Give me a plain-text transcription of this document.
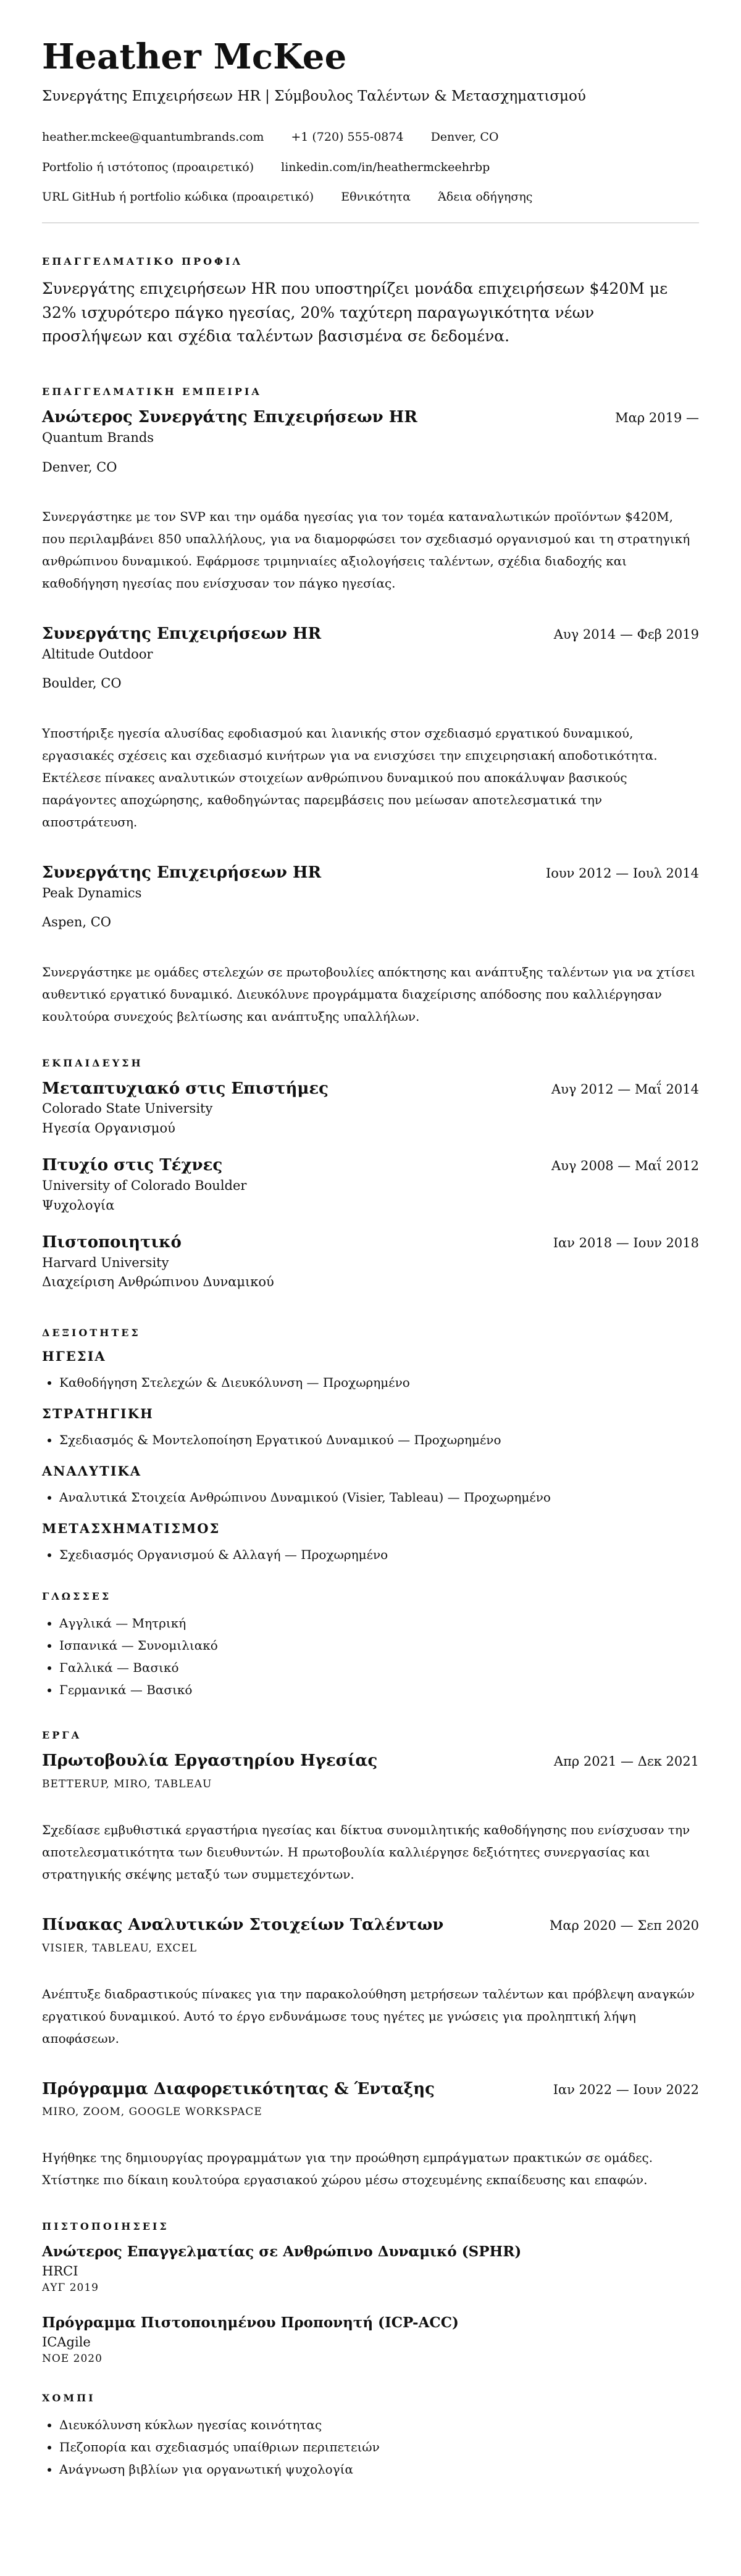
Heather McKee
Συνεργάτης Επιχειρήσεων HR | Σύμβουλος Ταλέντων & Μετασχηματισμού
heather.mckee@quantumbrands.com +1 (720) 555-0874 Denver, CO
Portfolio ή ιστότοπος (προαιρετικό) linkedin.com/in/heathermckeehrbp
URL GitHub ή portfolio κώδικα (προαιρετικό) Εθνικότητα Άδεια οδήγησης
ΕΠΑΓΓΕΛΜΑΤΙΚΟ ΠΡΟΦΙΛ
Συνεργάτης επιχειρήσεων HR που υποστηρίζει μονάδα επιχειρήσεων $420M με 32% ισχυρότερο πάγκο ηγεσίας, 20% ταχύτερη παραγωγικότητα νέων προσλήψεων και σχέδια ταλέντων βασισμένα σε δεδομένα.
ΕΠΑΓΓΕΛΜΑΤΙΚΗ ΕΜΠΕΙΡΙΑ
Ανώτερος Συνεργάτης Επιχειρήσεων HR	Μαρ 2019 —
Quantum Brands
Denver, CO
Συνεργάστηκε με τον SVP και την ομάδα ηγεσίας για τον τομέα καταναλωτικών προϊόντων $420M, που περιλαμβάνει 850 υπαλλήλους, για να διαμορφώσει τον σχεδιασμό οργανισμού και τη στρατηγική ανθρώπινου δυναμικού. Εφάρμοσε τριμηνιαίες αξιολογήσεις ταλέντων, σχέδια διαδοχής και καθοδήγηση ηγεσίας που ενίσχυσαν τον πάγκο ηγεσίας.
Συνεργάτης Επιχειρήσεων HR	Αυγ 2014 — Φεβ 2019
Altitude Outdoor
Boulder, CO
Υποστήριξε ηγεσία αλυσίδας εφοδιασμού και λιανικής στον σχεδιασμό εργατικού δυναμικού, εργασιακές σχέσεις και σχεδιασμό κινήτρων για να ενισχύσει την επιχειρησιακή αποδοτικότητα. Εκτέλεσε πίνακες αναλυτικών στοιχείων ανθρώπινου δυναμικού που αποκάλυψαν βασικούς παράγοντες αποχώρησης, καθοδηγώντας παρεμβάσεις που μείωσαν αποτελεσματικά την αποστράτευση.
Συνεργάτης Επιχειρήσεων HR	Ιουν 2012 — Ιουλ 2014
Peak Dynamics
Aspen, CO
Συνεργάστηκε με ομάδες στελεχών σε πρωτοβουλίες απόκτησης και ανάπτυξης ταλέντων για να χτίσει αυθεντικό εργατικό δυναμικό. Διευκόλυνε προγράμματα διαχείρισης απόδοσης που καλλιέργησαν κουλτούρα συνεχούς βελτίωσης και ανάπτυξης υπαλλήλων.
ΕΚΠΑΙΔΕΥΣΗ
Μεταπτυχιακό στις Επιστήμες	Αυγ 2012 — Μαΐ 2014
Colorado State University
Ηγεσία Οργανισμού
Πτυχίο στις Τέχνες	Αυγ 2008 — Μαΐ 2012
University of Colorado Boulder
Ψυχολογία
Πιστοποιητικό	Ιαν 2018 — Ιουν 2018
Harvard University
Διαχείριση Ανθρώπινου Δυναμικού
ΔΕΞΙΟΤΗΤΕΣ
ΗΓΕΣΙΑ
• Καθοδήγηση Στελεχών & Διευκόλυνση — Προχωρημένο
ΣΤΡΑΤΗΓΙΚΗ
• Σχεδιασμός & Μοντελοποίηση Εργατικού Δυναμικού — Προχωρημένο
ΑΝΑΛΥΤΙΚΑ
• Αναλυτικά Στοιχεία Ανθρώπινου Δυναμικού (Visier, Tableau) — Προχωρημένο
ΜΕΤΑΣΧΗΜΑΤΙΣΜΟΣ
• Σχεδιασμός Οργανισμού & Αλλαγή — Προχωρημένο
ΓΛΩΣΣΕΣ
• Αγγλικά — Μητρική
• Ισπανικά — Συνομιλιακό
• Γαλλικά — Βασικό
• Γερμανικά — Βασικό
ΕΡΓΑ
Πρωτοβουλία Εργαστηρίου Ηγεσίας	Απρ 2021 — Δεκ 2021
BETTERUP, MIRO, TABLEAU
Σχεδίασε εμβυθιστικά εργαστήρια ηγεσίας και δίκτυα συνομιλητικής καθοδήγησης που ενίσχυσαν την αποτελεσματικότητα των διευθυντών. Η πρωτοβουλία καλλιέργησε δεξιότητες συνεργασίας και στρατηγικής σκέψης μεταξύ των συμμετεχόντων.
Πίνακας Αναλυτικών Στοιχείων Ταλέντων	Μαρ 2020 — Σεπ 2020
VISIER, TABLEAU, EXCEL
Ανέπτυξε διαδραστικούς πίνακες για την παρακολούθηση μετρήσεων ταλέντων και πρόβλεψη αναγκών εργατικού δυναμικού. Αυτό το έργο ενδυνάμωσε τους ηγέτες με γνώσεις για προληπτική λήψη αποφάσεων.
Πρόγραμμα Διαφορετικότητας & Ένταξης	Ιαν 2022 — Ιουν 2022
MIRO, ZOOM, GOOGLE WORKSPACE
Ηγήθηκε της δημιουργίας προγραμμάτων για την προώθηση εμπράγματων πρακτικών σε ομάδες. Χτίστηκε πιο δίκαιη κουλτούρα εργασιακού χώρου μέσω στοχευμένης εκπαίδευσης και επαφών.
ΠΙΣΤΟΠΟΙΗΣΕΙΣ
Ανώτερος Επαγγελματίας σε Ανθρώπινο Δυναμικό (SPHR)
HRCI
ΑΥΓ 2019
Πρόγραμμα Πιστοποιημένου Προπονητή (ICP-ACC)
ICAgile
ΝΟΕ 2020
ΧΟΜΠΙ
• Διευκόλυνση κύκλων ηγεσίας κοινότητας
• Πεζοπορία και σχεδιασμός υπαίθριων περιπετειών
• Ανάγνωση βιβλίων για οργανωτική ψυχολογία
